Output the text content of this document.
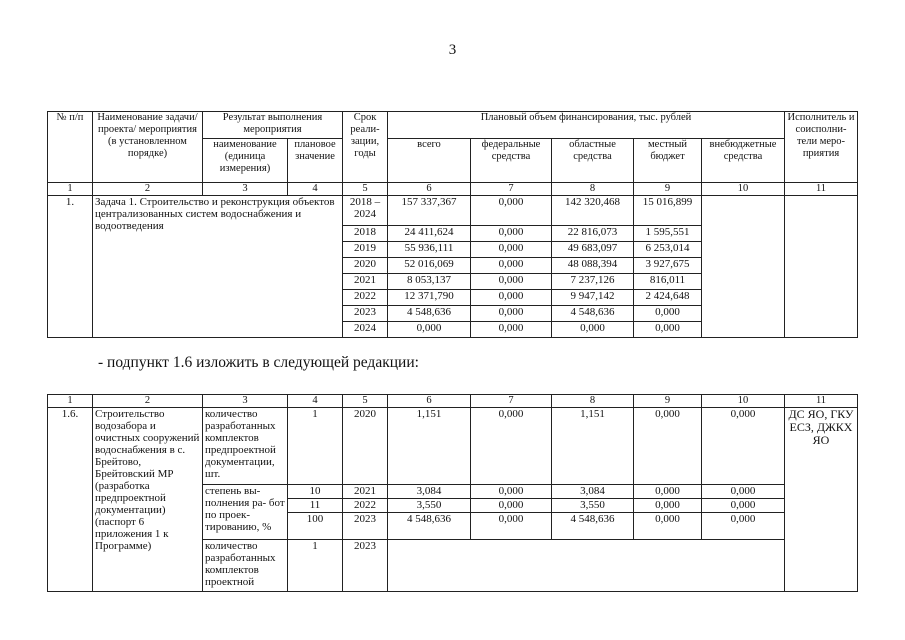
3
№ п/п	Наименование задачи/проекта/ мероприятия (в установленном порядке)	Результат выполнения мероприятия		Срок реали- зации, годы	Плановый объем финансирования, тыс. рублей					Исполнитель и соисполни- тели меро- приятия
		наименование (единица измерения)	плановое значение		всего	федеральные средства	областные средства	местный бюджет	внебюджетные средства	
1	2	3	4	5	6	7	8	9	10	11
1.	Задача 1. Строительство и реконструкция объектов централизованных систем водоснабжения и водоотведения			2018 – 2024	157 337,367	0,000	142 320,468	15 016,899		
				2018	24 411,624	0,000	22 816,073	1 595,551		
				2019	55 936,111	0,000	49 683,097	6 253,014		
				2020	52 016,069	0,000	48 088,394	3 927,675		
				2021	8 053,137	0,000	7 237,126	816,011		
				2022	12 371,790	0,000	9 947,142	2 424,648		
				2023	4 548,636	0,000	4 548,636	0,000		
				2024	0,000	0,000	0,000	0,000		
- подпункт 1.6 изложить в следующей редакции:
1	2	3	4	5	6	7	8	9	10	11
1.6.	Строительство водозабора и очистных сооружений водоснабжения в с. Брейтово, Брейтовский МР (разработка предпроектной документации) (паспорт 6 приложения 1 к Программе)	количество разработанных комплектов предпроектной документации, шт.	1	2020	1,151	0,000	1,151	0,000	0,000	ДС ЯО, ГКУ ЕСЗ, ДЖКХ ЯО
		степень вы- полнения ра- бот по проек- тированию, %	10	2021	3,084	0,000	3,084	0,000	0,000	
			11	2022	3,550	0,000	3,550	0,000	0,000	
			100	2023	4 548,636	0,000	4 548,636	0,000	0,000	
		количество разработанных комплектов проектной	1	2023						
